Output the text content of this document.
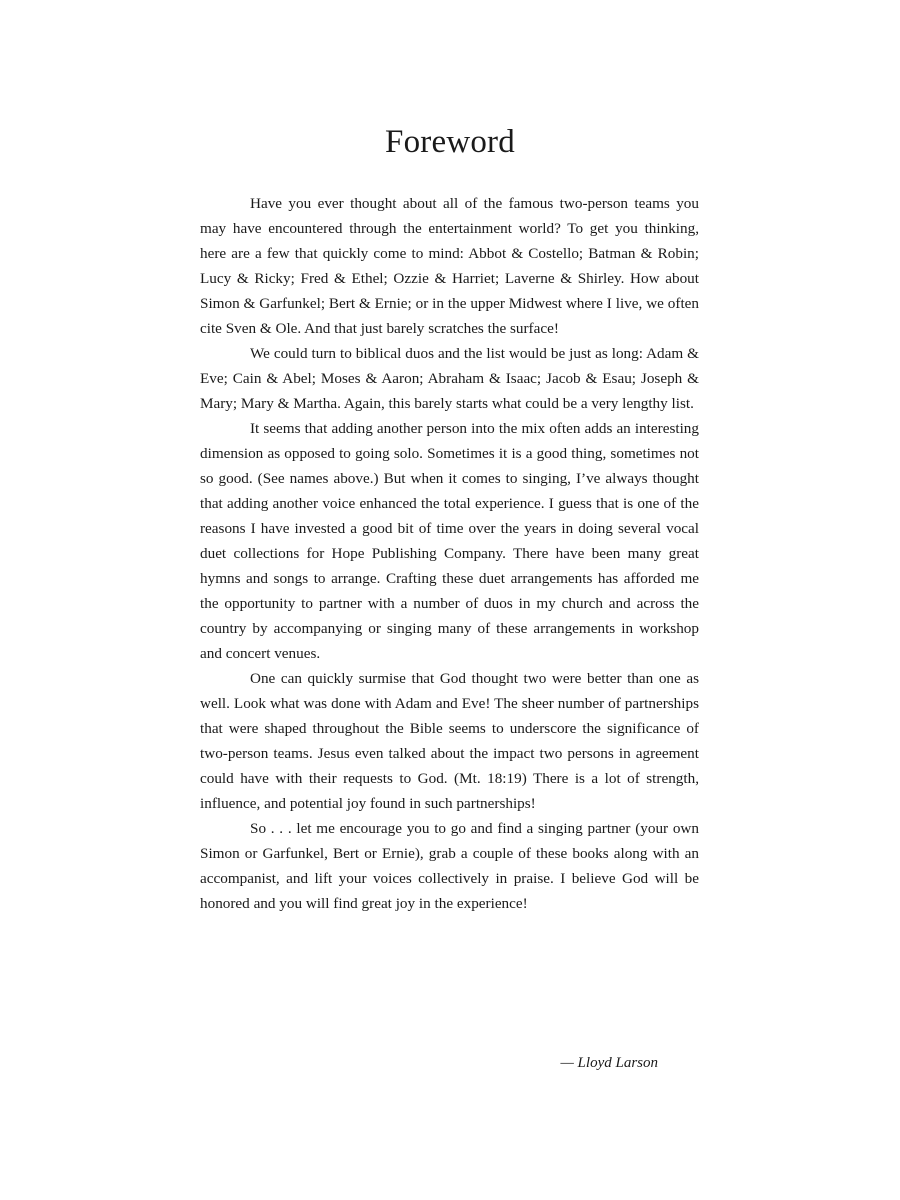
Foreword

Have you ever thought about all of the famous two-person teams you may have encountered through the entertainment world? To get you thinking, here are a few that quickly come to mind: Abbot & Costello; Batman & Robin; Lucy & Ricky; Fred & Ethel; Ozzie & Harriet; Laverne & Shirley. How about Simon & Garfunkel; Bert & Ernie; or in the upper Midwest where I live, we often cite Sven & Ole. And that just barely scratches the surface!

We could turn to biblical duos and the list would be just as long: Adam & Eve; Cain & Abel; Moses & Aaron; Abraham & Isaac; Jacob & Esau; Joseph & Mary; Mary & Martha. Again, this barely starts what could be a very lengthy list.

It seems that adding another person into the mix often adds an interesting dimension as opposed to going solo. Sometimes it is a good thing, sometimes not so good. (See names above.) But when it comes to singing, I’ve always thought that adding another voice enhanced the total experience. I guess that is one of the reasons I have invested a good bit of time over the years in doing several vocal duet collections for Hope Publishing Company. There have been many great hymns and songs to arrange. Crafting these duet arrangements has afforded me the opportunity to partner with a number of duos in my church and across the country by accompanying or singing many of these arrangements in workshop and concert venues.

One can quickly surmise that God thought two were better than one as well. Look what was done with Adam and Eve! The sheer number of partnerships that were shaped throughout the Bible seems to underscore the significance of two-person teams. Jesus even talked about the impact two persons in agreement could have with their requests to God. (Mt. 18:19) There is a lot of strength, influence, and potential joy found in such partnerships!

So . . . let me encourage you to go and find a singing partner (your own Simon or Garfunkel, Bert or Ernie), grab a couple of these books along with an accompanist, and lift your voices collectively in praise. I believe God will be honored and you will find great joy in the experience!

— Lloyd Larson
